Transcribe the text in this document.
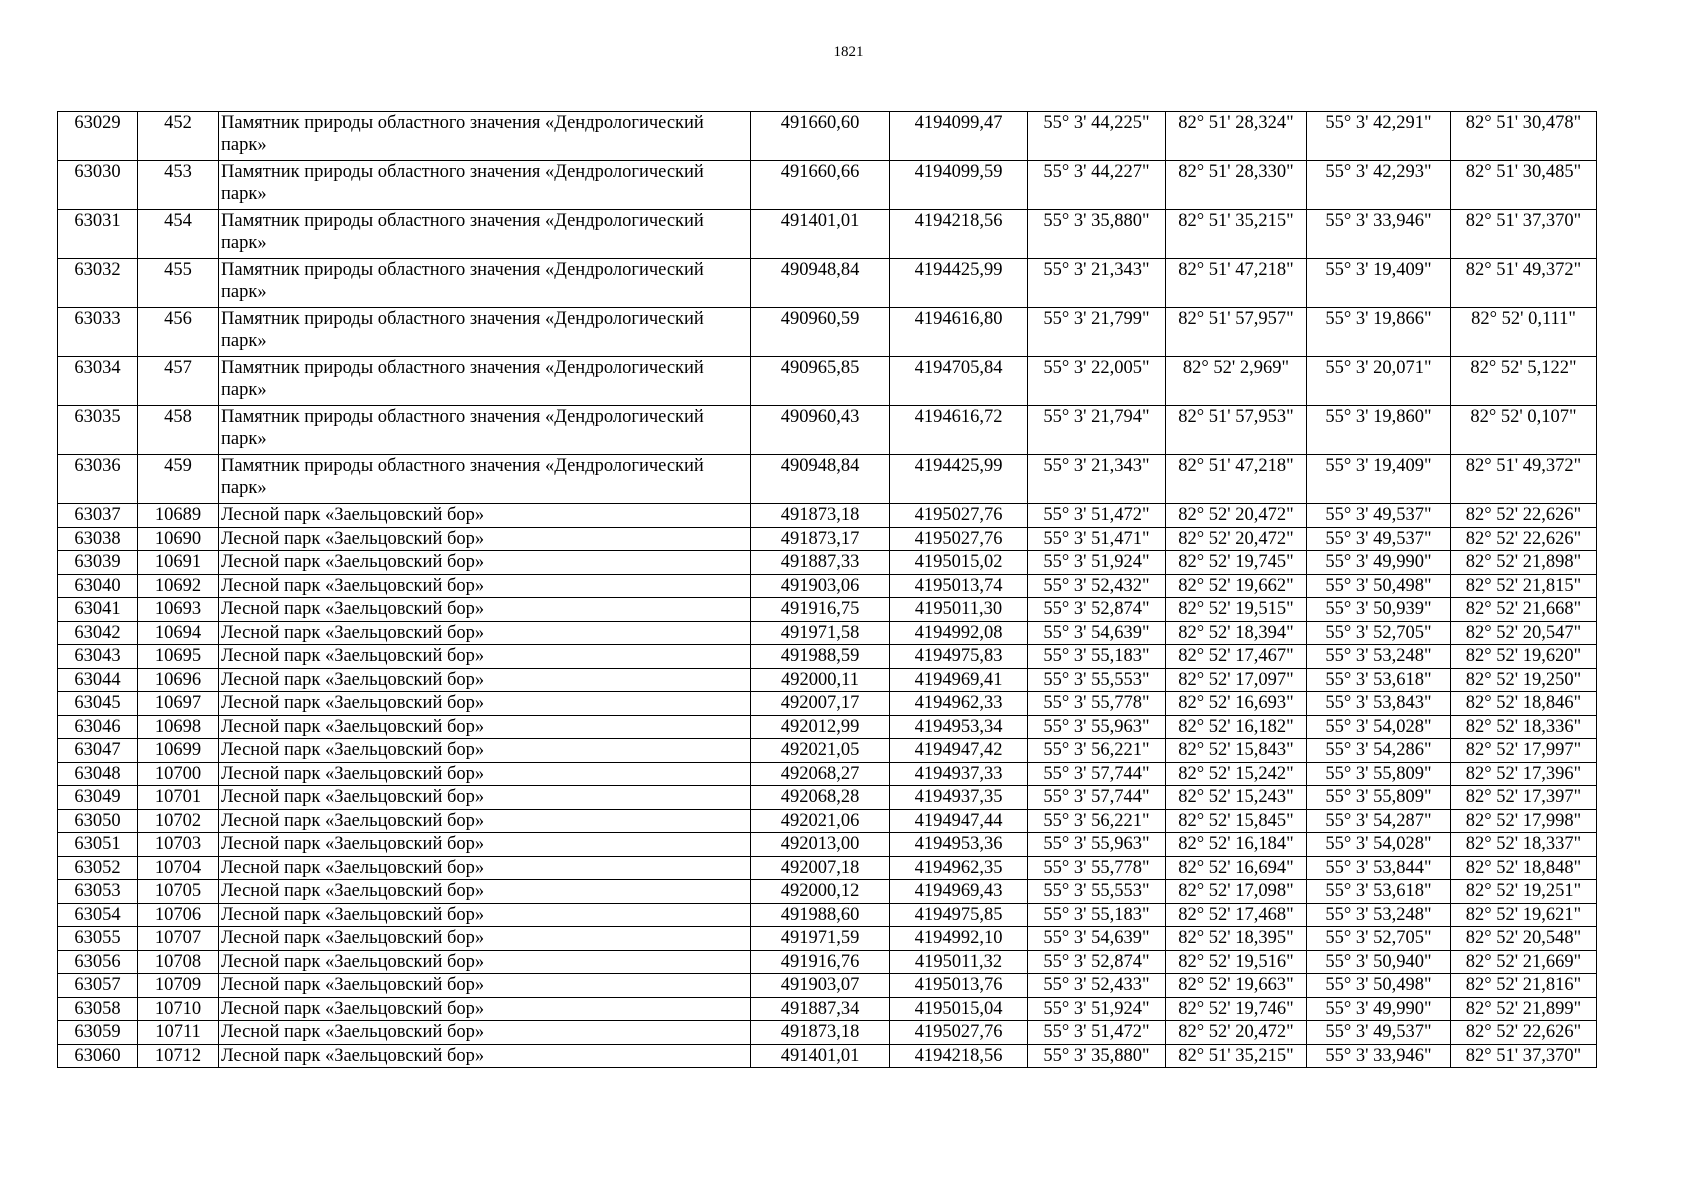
1821
63029	452	Памятник природы областного значения «Дендрологический парк»	491660,60	4194099,47	55° 3' 44,225"	82° 51' 28,324"	55° 3' 42,291"	82° 51' 30,478"
63030	453	Памятник природы областного значения «Дендрологический парк»	491660,66	4194099,59	55° 3' 44,227"	82° 51' 28,330"	55° 3' 42,293"	82° 51' 30,485"
63031	454	Памятник природы областного значения «Дендрологический парк»	491401,01	4194218,56	55° 3' 35,880"	82° 51' 35,215"	55° 3' 33,946"	82° 51' 37,370"
63032	455	Памятник природы областного значения «Дендрологический парк»	490948,84	4194425,99	55° 3' 21,343"	82° 51' 47,218"	55° 3' 19,409"	82° 51' 49,372"
63033	456	Памятник природы областного значения «Дендрологический парк»	490960,59	4194616,80	55° 3' 21,799"	82° 51' 57,957"	55° 3' 19,866"	82° 52' 0,111"
63034	457	Памятник природы областного значения «Дендрологический парк»	490965,85	4194705,84	55° 3' 22,005"	82° 52' 2,969"	55° 3' 20,071"	82° 52' 5,122"
63035	458	Памятник природы областного значения «Дендрологический парк»	490960,43	4194616,72	55° 3' 21,794"	82° 51' 57,953"	55° 3' 19,860"	82° 52' 0,107"
63036	459	Памятник природы областного значения «Дендрологический парк»	490948,84	4194425,99	55° 3' 21,343"	82° 51' 47,218"	55° 3' 19,409"	82° 51' 49,372"
63037	10689	Лесной парк «Заельцовский бор»	491873,18	4195027,76	55° 3' 51,472"	82° 52' 20,472"	55° 3' 49,537"	82° 52' 22,626"
63038	10690	Лесной парк «Заельцовский бор»	491873,17	4195027,76	55° 3' 51,471"	82° 52' 20,472"	55° 3' 49,537"	82° 52' 22,626"
63039	10691	Лесной парк «Заельцовский бор»	491887,33	4195015,02	55° 3' 51,924"	82° 52' 19,745"	55° 3' 49,990"	82° 52' 21,898"
63040	10692	Лесной парк «Заельцовский бор»	491903,06	4195013,74	55° 3' 52,432"	82° 52' 19,662"	55° 3' 50,498"	82° 52' 21,815"
63041	10693	Лесной парк «Заельцовский бор»	491916,75	4195011,30	55° 3' 52,874"	82° 52' 19,515"	55° 3' 50,939"	82° 52' 21,668"
63042	10694	Лесной парк «Заельцовский бор»	491971,58	4194992,08	55° 3' 54,639"	82° 52' 18,394"	55° 3' 52,705"	82° 52' 20,547"
63043	10695	Лесной парк «Заельцовский бор»	491988,59	4194975,83	55° 3' 55,183"	82° 52' 17,467"	55° 3' 53,248"	82° 52' 19,620"
63044	10696	Лесной парк «Заельцовский бор»	492000,11	4194969,41	55° 3' 55,553"	82° 52' 17,097"	55° 3' 53,618"	82° 52' 19,250"
63045	10697	Лесной парк «Заельцовский бор»	492007,17	4194962,33	55° 3' 55,778"	82° 52' 16,693"	55° 3' 53,843"	82° 52' 18,846"
63046	10698	Лесной парк «Заельцовский бор»	492012,99	4194953,34	55° 3' 55,963"	82° 52' 16,182"	55° 3' 54,028"	82° 52' 18,336"
63047	10699	Лесной парк «Заельцовский бор»	492021,05	4194947,42	55° 3' 56,221"	82° 52' 15,843"	55° 3' 54,286"	82° 52' 17,997"
63048	10700	Лесной парк «Заельцовский бор»	492068,27	4194937,33	55° 3' 57,744"	82° 52' 15,242"	55° 3' 55,809"	82° 52' 17,396"
63049	10701	Лесной парк «Заельцовский бор»	492068,28	4194937,35	55° 3' 57,744"	82° 52' 15,243"	55° 3' 55,809"	82° 52' 17,397"
63050	10702	Лесной парк «Заельцовский бор»	492021,06	4194947,44	55° 3' 56,221"	82° 52' 15,845"	55° 3' 54,287"	82° 52' 17,998"
63051	10703	Лесной парк «Заельцовский бор»	492013,00	4194953,36	55° 3' 55,963"	82° 52' 16,184"	55° 3' 54,028"	82° 52' 18,337"
63052	10704	Лесной парк «Заельцовский бор»	492007,18	4194962,35	55° 3' 55,778"	82° 52' 16,694"	55° 3' 53,844"	82° 52' 18,848"
63053	10705	Лесной парк «Заельцовский бор»	492000,12	4194969,43	55° 3' 55,553"	82° 52' 17,098"	55° 3' 53,618"	82° 52' 19,251"
63054	10706	Лесной парк «Заельцовский бор»	491988,60	4194975,85	55° 3' 55,183"	82° 52' 17,468"	55° 3' 53,248"	82° 52' 19,621"
63055	10707	Лесной парк «Заельцовский бор»	491971,59	4194992,10	55° 3' 54,639"	82° 52' 18,395"	55° 3' 52,705"	82° 52' 20,548"
63056	10708	Лесной парк «Заельцовский бор»	491916,76	4195011,32	55° 3' 52,874"	82° 52' 19,516"	55° 3' 50,940"	82° 52' 21,669"
63057	10709	Лесной парк «Заельцовский бор»	491903,07	4195013,76	55° 3' 52,433"	82° 52' 19,663"	55° 3' 50,498"	82° 52' 21,816"
63058	10710	Лесной парк «Заельцовский бор»	491887,34	4195015,04	55° 3' 51,924"	82° 52' 19,746"	55° 3' 49,990"	82° 52' 21,899"
63059	10711	Лесной парк «Заельцовский бор»	491873,18	4195027,76	55° 3' 51,472"	82° 52' 20,472"	55° 3' 49,537"	82° 52' 22,626"
63060	10712	Лесной парк «Заельцовский бор»	491401,01	4194218,56	55° 3' 35,880"	82° 51' 35,215"	55° 3' 33,946"	82° 51' 37,370"
